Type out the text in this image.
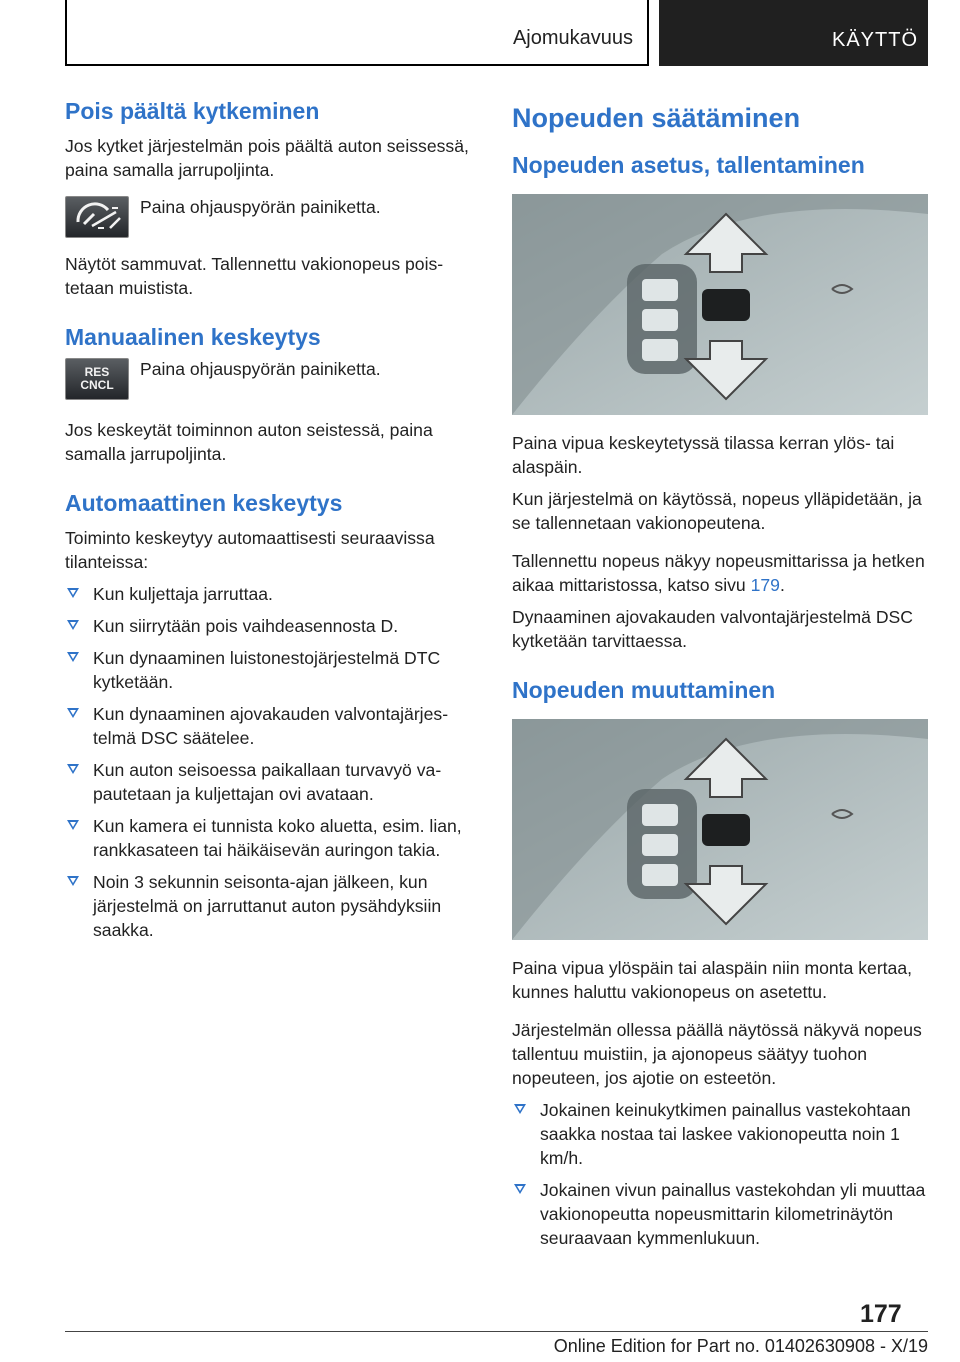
Ajomukavuus	KÄYTTÖ
Pois päältä kytkeminen

Jos kytket järjestelmän pois päältä auton seissessä, paina samalla jarrupoljinta.

Paina ohjauspyörän painiketta.

Näytöt sammuvat. Tallennettu vakionopeus poistetaan muistista.

Manuaalinen keskeytys
RES
CNCL

Paina ohjauspyörän painiketta.

Jos keskeytät toiminnon auton seistessä, paina samalla jarrupoljinta.

Automaattinen keskeytys

Toiminto keskeytyy automaattisesti seuraavissa tilanteissa:

Kun kuljettaja jarruttaa.
Kun siirrytään pois vaihdeasennosta D.
Kun dynaaminen luistonestojärjestelmä DTC kytketään.
Kun dynaaminen ajovakauden valvontajärjestelmä DSC säätelee.
Kun auton seisoessa paikallaan turvavyö vapautetaan ja kuljettajan ovi avataan.
Kun kamera ei tunnista koko aluetta, esim. lian, rankkasateen tai häikäisevän auringon takia.
Noin 3 sekunnin seisonta-ajan jälkeen, kun järjestelmä on jarruttanut auton pysähdyksiin saakka.
Nopeuden säätäminen
Nopeuden asetus, tallentaminen

Paina vipua keskeytetyssä tilassa kerran ylös- tai alaspäin.

Kun järjestelmä on käytössä, nopeus ylläpidetään, ja se tallennetaan vakionopeutena.

Tallennettu nopeus näkyy nopeusmittarissa ja hetken aikaa mittaristossa, katso sivu 179.

Dynaaminen ajovakauden valvontajärjestelmä DSC kytketään tarvittaessa.

Nopeuden muuttaminen

Paina vipua ylöspäin tai alaspäin niin monta kertaa, kunnes haluttu vakionopeus on asetettu.

Järjestelmän ollessa päällä näytössä näkyvä nopeus tallentuu muistiin, ja ajonopeus säätyy tuohon nopeuteen, jos ajotie on esteetön.

Jokainen keinukytkimen painallus vastekohtaan saakka nostaa tai laskee vakionopeutta noin 1 km/h.
Jokainen vivun painallus vastekohdan yli muuttaa vakionopeutta nopeusmittarin kilometrinäytön seuraavaan kymmenlukuun.
177
Online Edition for Part no. 01402630908 - X/19
